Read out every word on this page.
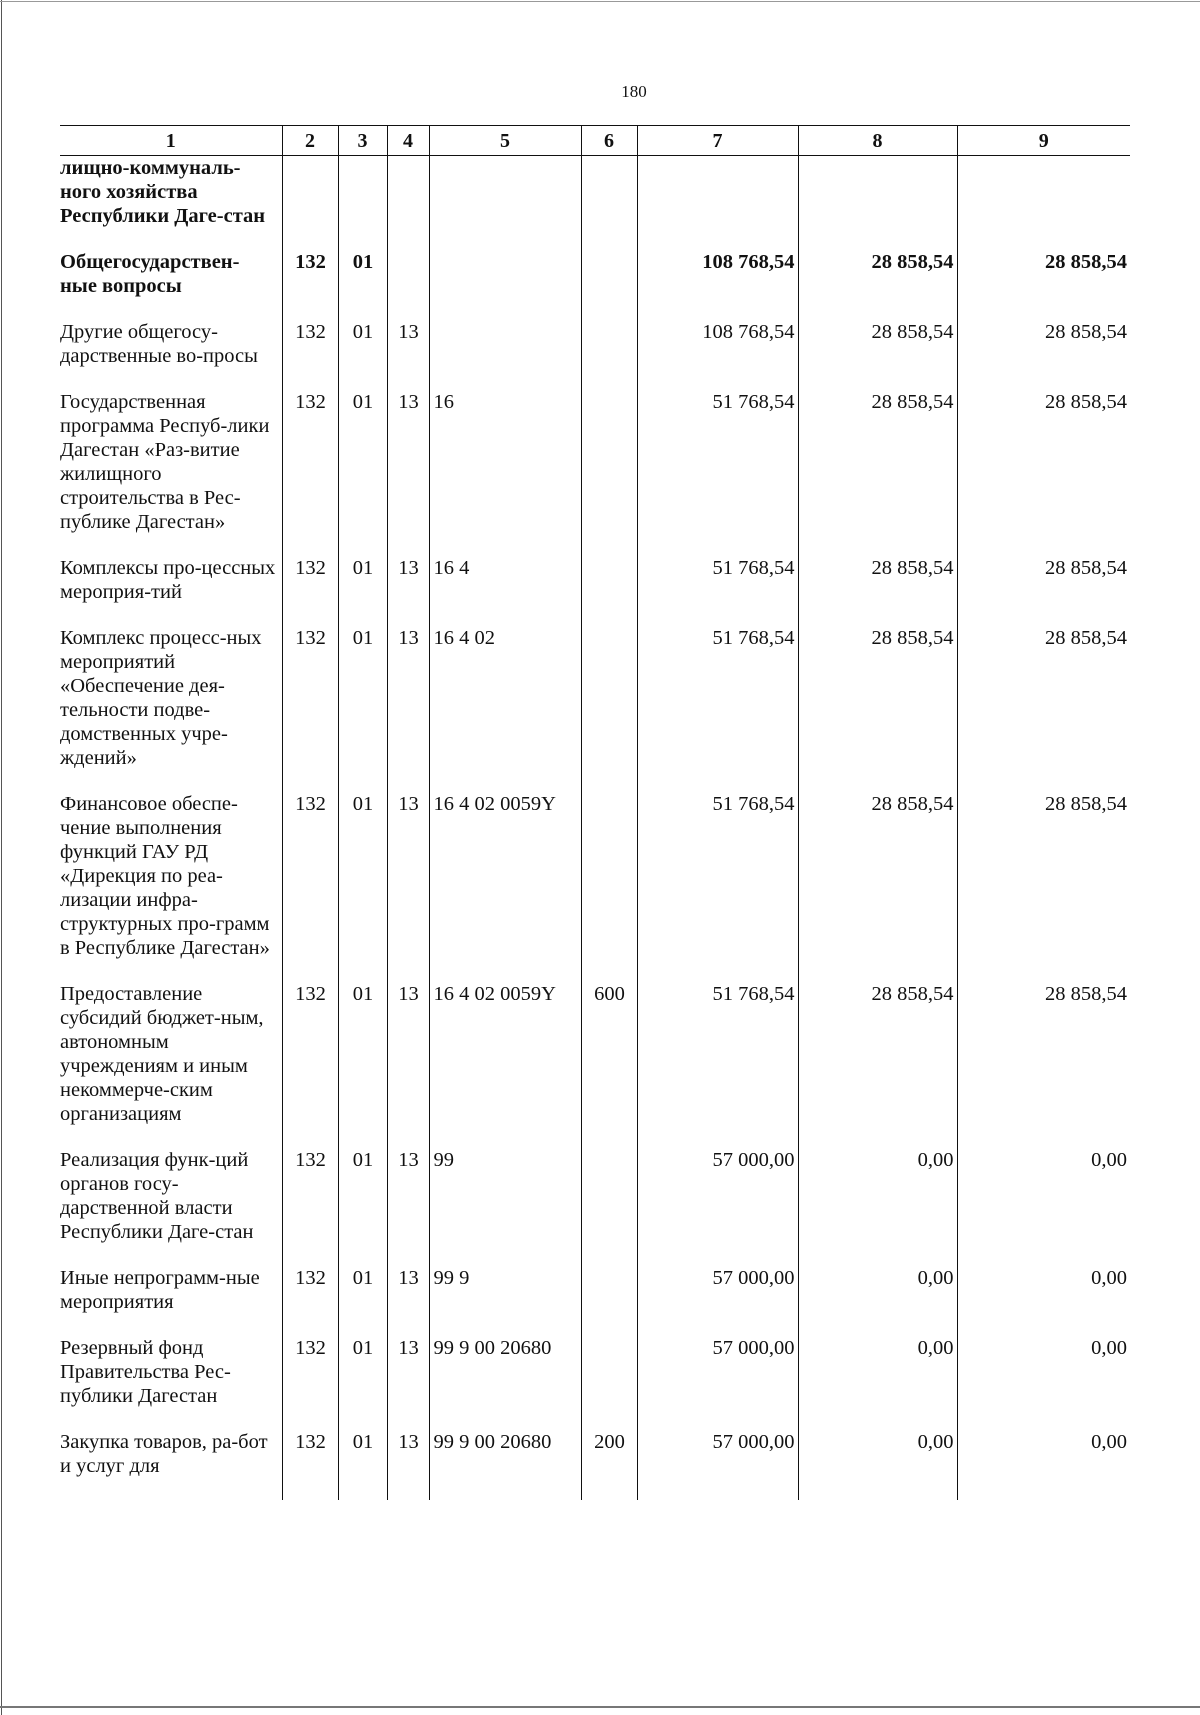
180
1	2	3	4	5	6	7	8	9
лищно-коммуналь-ного хозяйства Республики Даге-стан								
Общегосударствен-ные вопросы	132	01				108 768,54	28 858,54	28 858,54
Другие общегосу-дарственные во-просы	132	01	13			108 768,54	28 858,54	28 858,54
Государственная программа Респуб-лики Дагестан «Раз-витие жилищного строительства в Рес-публике Дагестан»	132	01	13	16		51 768,54	28 858,54	28 858,54
Комплексы про-цессных мероприя-тий	132	01	13	16 4		51 768,54	28 858,54	28 858,54
Комплекс процесс-ных мероприятий «Обеспечение дея-тельности подве-домственных учре-ждений»	132	01	13	16 4 02		51 768,54	28 858,54	28 858,54
Финансовое обеспе-чение выполнения функций ГАУ РД «Дирекция по реа-лизации инфра-структурных про-грамм в Республике Дагестан»	132	01	13	16 4 02 0059Y		51 768,54	28 858,54	28 858,54
Предоставление субсидий бюджет-ным, автономным учреждениям и иным некоммерче-ским организациям	132	01	13	16 4 02 0059Y	600	51 768,54	28 858,54	28 858,54
Реализация функ-ций органов госу-дарственной власти Республики Даге-стан	132	01	13	99		57 000,00	0,00	0,00
Иные непрограмм-ные мероприятия	132	01	13	99 9		57 000,00	0,00	0,00
Резервный фонд Правительства Рес-публики Дагестан	132	01	13	99 9 00 20680		57 000,00	0,00	0,00
Закупка товаров, ра-бот и услуг для	132	01	13	99 9 00 20680	200	57 000,00	0,00	0,00
